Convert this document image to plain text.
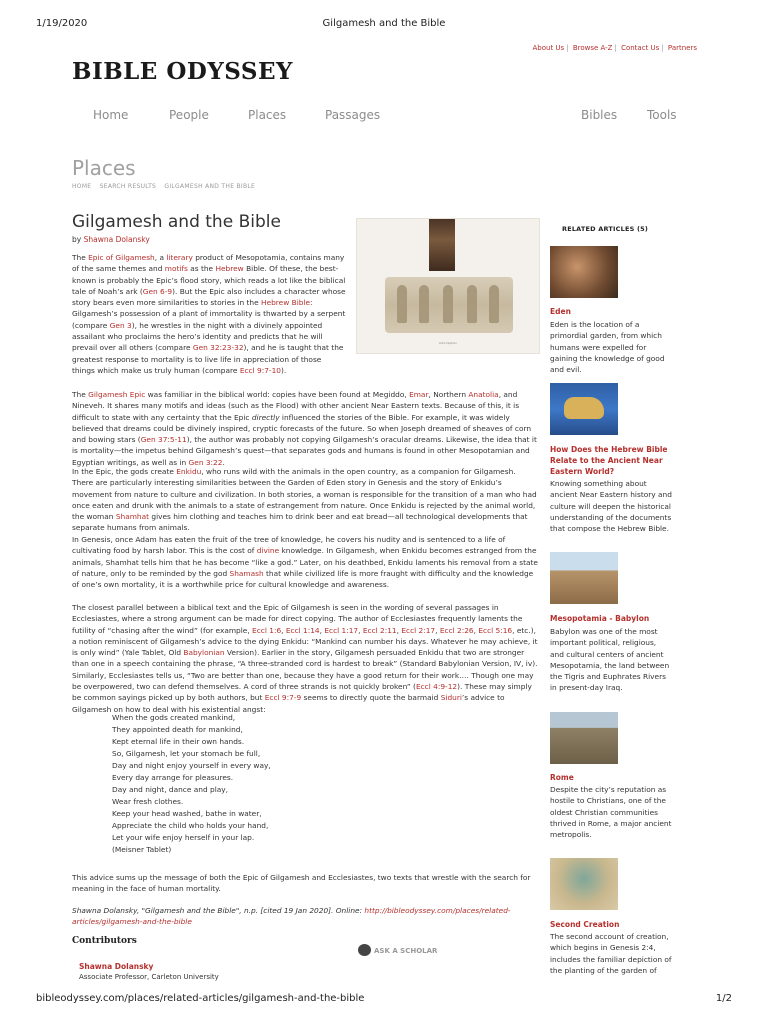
1/19/2020	Gilgamesh and the Bible
About Us | Browse A-Z | Contact Us | Partners
BIBLE ODYSSEY
Home	People	Places	Passages	Bibles Tools
Places
HOME SEARCH RESULTS GILGAMESH AND THE BIBLE
Gilgamesh and the Bible
by Shawna Dolansky
Add Caption
The Epic of Gilgamesh, a literary product of Mesopotamia, contains many of the same themes and motifs as the Hebrew Bible. Of these, the best-known is probably the Epic’s flood story, which reads a lot like the biblical tale of Noah’s ark (Gen 6-9). But the Epic also includes a character whose story bears even more similarities to stories in the Hebrew Bible: Gilgamesh’s possession of a plant of immortality is thwarted by a serpent (compare Gen 3), he wrestles in the night with a divinely appointed assailant who proclaims the hero’s identity and predicts that he will prevail over all others (compare Gen 32:23-32), and he is taught that the greatest response to mortality is to live life in appreciation of those things which make us truly human (compare Eccl 9:7-10).
The Gilgamesh Epic was familiar in the biblical world: copies have been found at Megiddo, Emar, Northern Anatolia, and Nineveh. It shares many motifs and ideas (such as the Flood) with other ancient Near Eastern texts. Because of this, it is difficult to state with any certainty that the Epic directly influenced the stories of the Bible. For example, it was widely believed that dreams could be divinely inspired, cryptic forecasts of the future. So when Joseph dreamed of sheaves of corn and bowing stars (Gen 37:5-11), the author was probably not copying Gilgamesh’s oracular dreams. Likewise, the idea that it is mortality—the impetus behind Gilgamesh’s quest—that separates gods and humans is found in other Mesopotamian and Egyptian writings, as well as in Gen 3:22.
In the Epic, the gods create Enkidu, who runs wild with the animals in the open country, as a companion for Gilgamesh. There are particularly interesting similarities between the Garden of Eden story in Genesis and the story of Enkidu’s movement from nature to culture and civilization. In both stories, a woman is responsible for the transition of a man who had once eaten and drunk with the animals to a state of estrangement from nature. Once Enkidu is rejected by the animal world, the woman Shamhat gives him clothing and teaches him to drink beer and eat bread—all technological developments that separate humans from animals.
In Genesis, once Adam has eaten the fruit of the tree of knowledge, he covers his nudity and is sentenced to a life of cultivating food by harsh labor. This is the cost of divine knowledge. In Gilgamesh, when Enkidu becomes estranged from the animals, Shamhat tells him that he has become “like a god.” Later, on his deathbed, Enkidu laments his removal from a state of nature, only to be reminded by the god Shamash that while civilized life is more fraught with difficulty and the knowledge of one’s own mortality, it is a worthwhile price for cultural knowledge and awareness.
The closest parallel between a biblical text and the Epic of Gilgamesh is seen in the wording of several passages in Ecclesiastes, where a strong argument can be made for direct copying. The author of Ecclesiastes frequently laments the futility of “chasing after the wind” (for example, Eccl 1:6, Eccl 1:14, Eccl 1:17, Eccl 2:11, Eccl 2:17, Eccl 2:26, Eccl 5:16, etc.), a notion reminiscent of Gilgamesh’s advice to the dying Enkidu: “Mankind can number his days. Whatever he may achieve, it is only wind” (Yale Tablet, Old Babylonian Version). Earlier in the story, Gilgamesh persuaded Enkidu that two are stronger than one in a speech containing the phrase, “A three-stranded cord is hardest to break” (Standard Babylonian Version, IV, iv). Similarly, Ecclesiastes tells us, “Two are better than one, because they have a good return for their work…. Though one may be overpowered, two can defend themselves. A cord of three strands is not quickly broken” (Eccl 4:9-12). These may simply be common sayings picked up by both authors, but Eccl 9:7-9 seems to directly quote the barmaid Siduri’s advice to Gilgamesh on how to deal with his existential angst:
When the gods created mankind,
They appointed death for mankind,
Kept eternal life in their own hands.
So, Gilgamesh, let your stomach be full,
Day and night enjoy yourself in every way,
Every day arrange for pleasures.
Day and night, dance and play,
Wear fresh clothes.
Keep your head washed, bathe in water,
Appreciate the child who holds your hand,
Let your wife enjoy herself in your lap.
(Meisner Tablet)
This advice sums up the message of both the Epic of Gilgamesh and Ecclesiastes, two texts that wrestle with the search for meaning in the face of human mortality.
Shawna Dolansky, "Gilgamesh and the Bible", n.p. [cited 19 Jan 2020]. Online: http://bibleodyssey.com/places/related-articles/gilgamesh-and-the-bible
Contributors
Shawna Dolansky
Associate Professor, Carleton University
ASK A SCHOLAR
RELATED ARTICLES (5)
Eden
Eden is the location of a primordial garden, from which humans were expelled for gaining the knowledge of good and evil.
How Does the Hebrew Bible Relate to the Ancient Near Eastern World?
Knowing something about ancient Near Eastern history and culture will deepen the historical understanding of the documents that compose the Hebrew Bible.
Mesopotamia - Babylon
Babylon was one of the most important political, religious, and cultural centers of ancient Mesopotamia, the land between the Tigris and Euphrates Rivers in present-day Iraq.
Rome
Despite the city’s reputation as hostile to Christians, one of the oldest Christian communities thrived in Rome, a major ancient metropolis.
Second Creation
The second account of creation, which begins in Genesis 2:4, includes the familiar depiction of the planting of the garden of
bibleodyssey.com/places/related-articles/gilgamesh-and-the-bible	1/2
